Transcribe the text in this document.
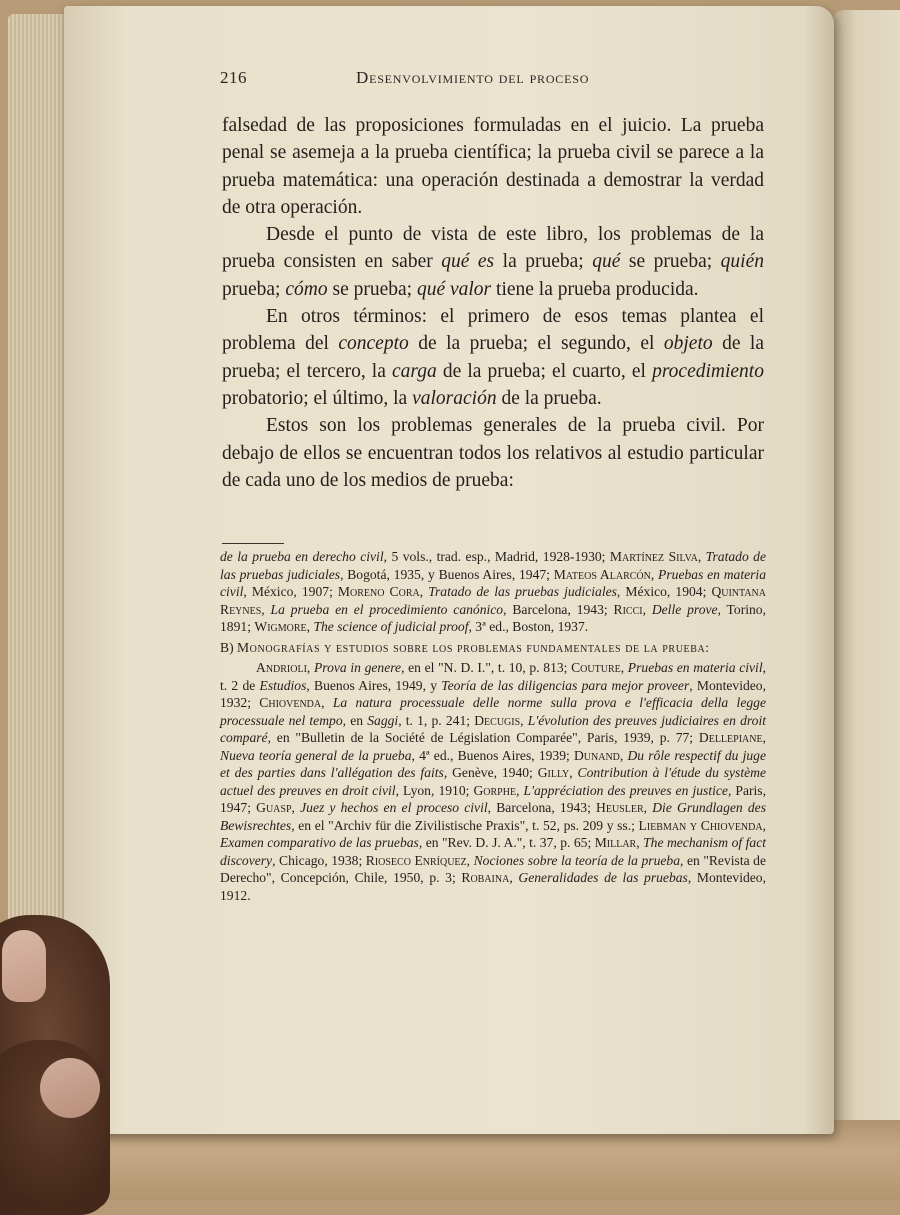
216	Desenvolvimiento del proceso

falsedad de las proposiciones formuladas en el juicio. La prueba penal se asemeja a la prueba científica; la prueba civil se parece a la prueba matemática: una operación destinada a demostrar la verdad de otra operación.

Desde el punto de vista de este libro, los problemas de la prueba consisten en saber qué es la prueba; qué se prueba; quién prueba; cómo se prueba; qué valor tiene la prueba producida.

En otros términos: el primero de esos temas plantea el problema del concepto de la prueba; el segundo, el objeto de la prueba; el tercero, la carga de la prueba; el cuarto, el procedimiento probatorio; el último, la valoración de la prueba.

Estos son los problemas generales de la prueba civil. Por debajo de ellos se encuentran todos los relativos al estudio particular de cada uno de los medios de prueba:

de la prueba en derecho civil, 5 vols., trad. esp., Madrid, 1928-1930; Martínez Silva, Tratado de las pruebas judiciales, Bogotá, 1935, y Buenos Aires, 1947; Mateos Alarcón, Pruebas en materia civil, México, 1907; Moreno Cora, Tratado de las pruebas judiciales, México, 1904; Quintana Reynes, La prueba en el procedimiento canónico, Barcelona, 1943; Ricci, Delle prove, Torino, 1891; Wigmore, The science of judicial proof, 3ª ed., Boston, 1937.

B) Monografías y estudios sobre los problemas fundamentales de la prueba:

Andrioli, Prova in genere, en el "N. D. I.", t. 10, p. 813; Couture, Pruebas en materia civil, t. 2 de Estudios, Buenos Aires, 1949, y Teoría de las diligencias para mejor proveer, Montevideo, 1932; Chiovenda, La natura processuale delle norme sulla prova e l'efficacia della legge processuale nel tempo, en Saggi, t. 1, p. 241; Decugis, L'évolution des preuves judiciaires en droit comparé, en "Bulletin de la Société de Législation Comparée", Paris, 1939, p. 77; Dellepiane, Nueva teoría general de la prueba, 4ª ed., Buenos Aires, 1939; Dunand, Du rôle respectif du juge et des parties dans l'allégation des faits, Genève, 1940; Gilly, Contribution à l'étude du système actuel des preuves en droit civil, Lyon, 1910; Gorphe, L'appréciation des preuves en justice, Paris, 1947; Guasp, Juez y hechos en el proceso civil, Barcelona, 1943; Heusler, Die Grundlagen des Bewisrechtes, en el "Archiv für die Zivilistische Praxis", t. 52, ps. 209 y ss.; Liebman y Chiovenda, Examen comparativo de las pruebas, en "Rev. D. J. A.", t. 37, p. 65; Millar, The mechanism of fact discovery, Chicago, 1938; Rioseco Enríquez, Nociones sobre la teoría de la prueba, en "Revista de Derecho", Concepción, Chile, 1950, p. 3; Robaina, Generalidades de las pruebas, Montevideo, 1912.
